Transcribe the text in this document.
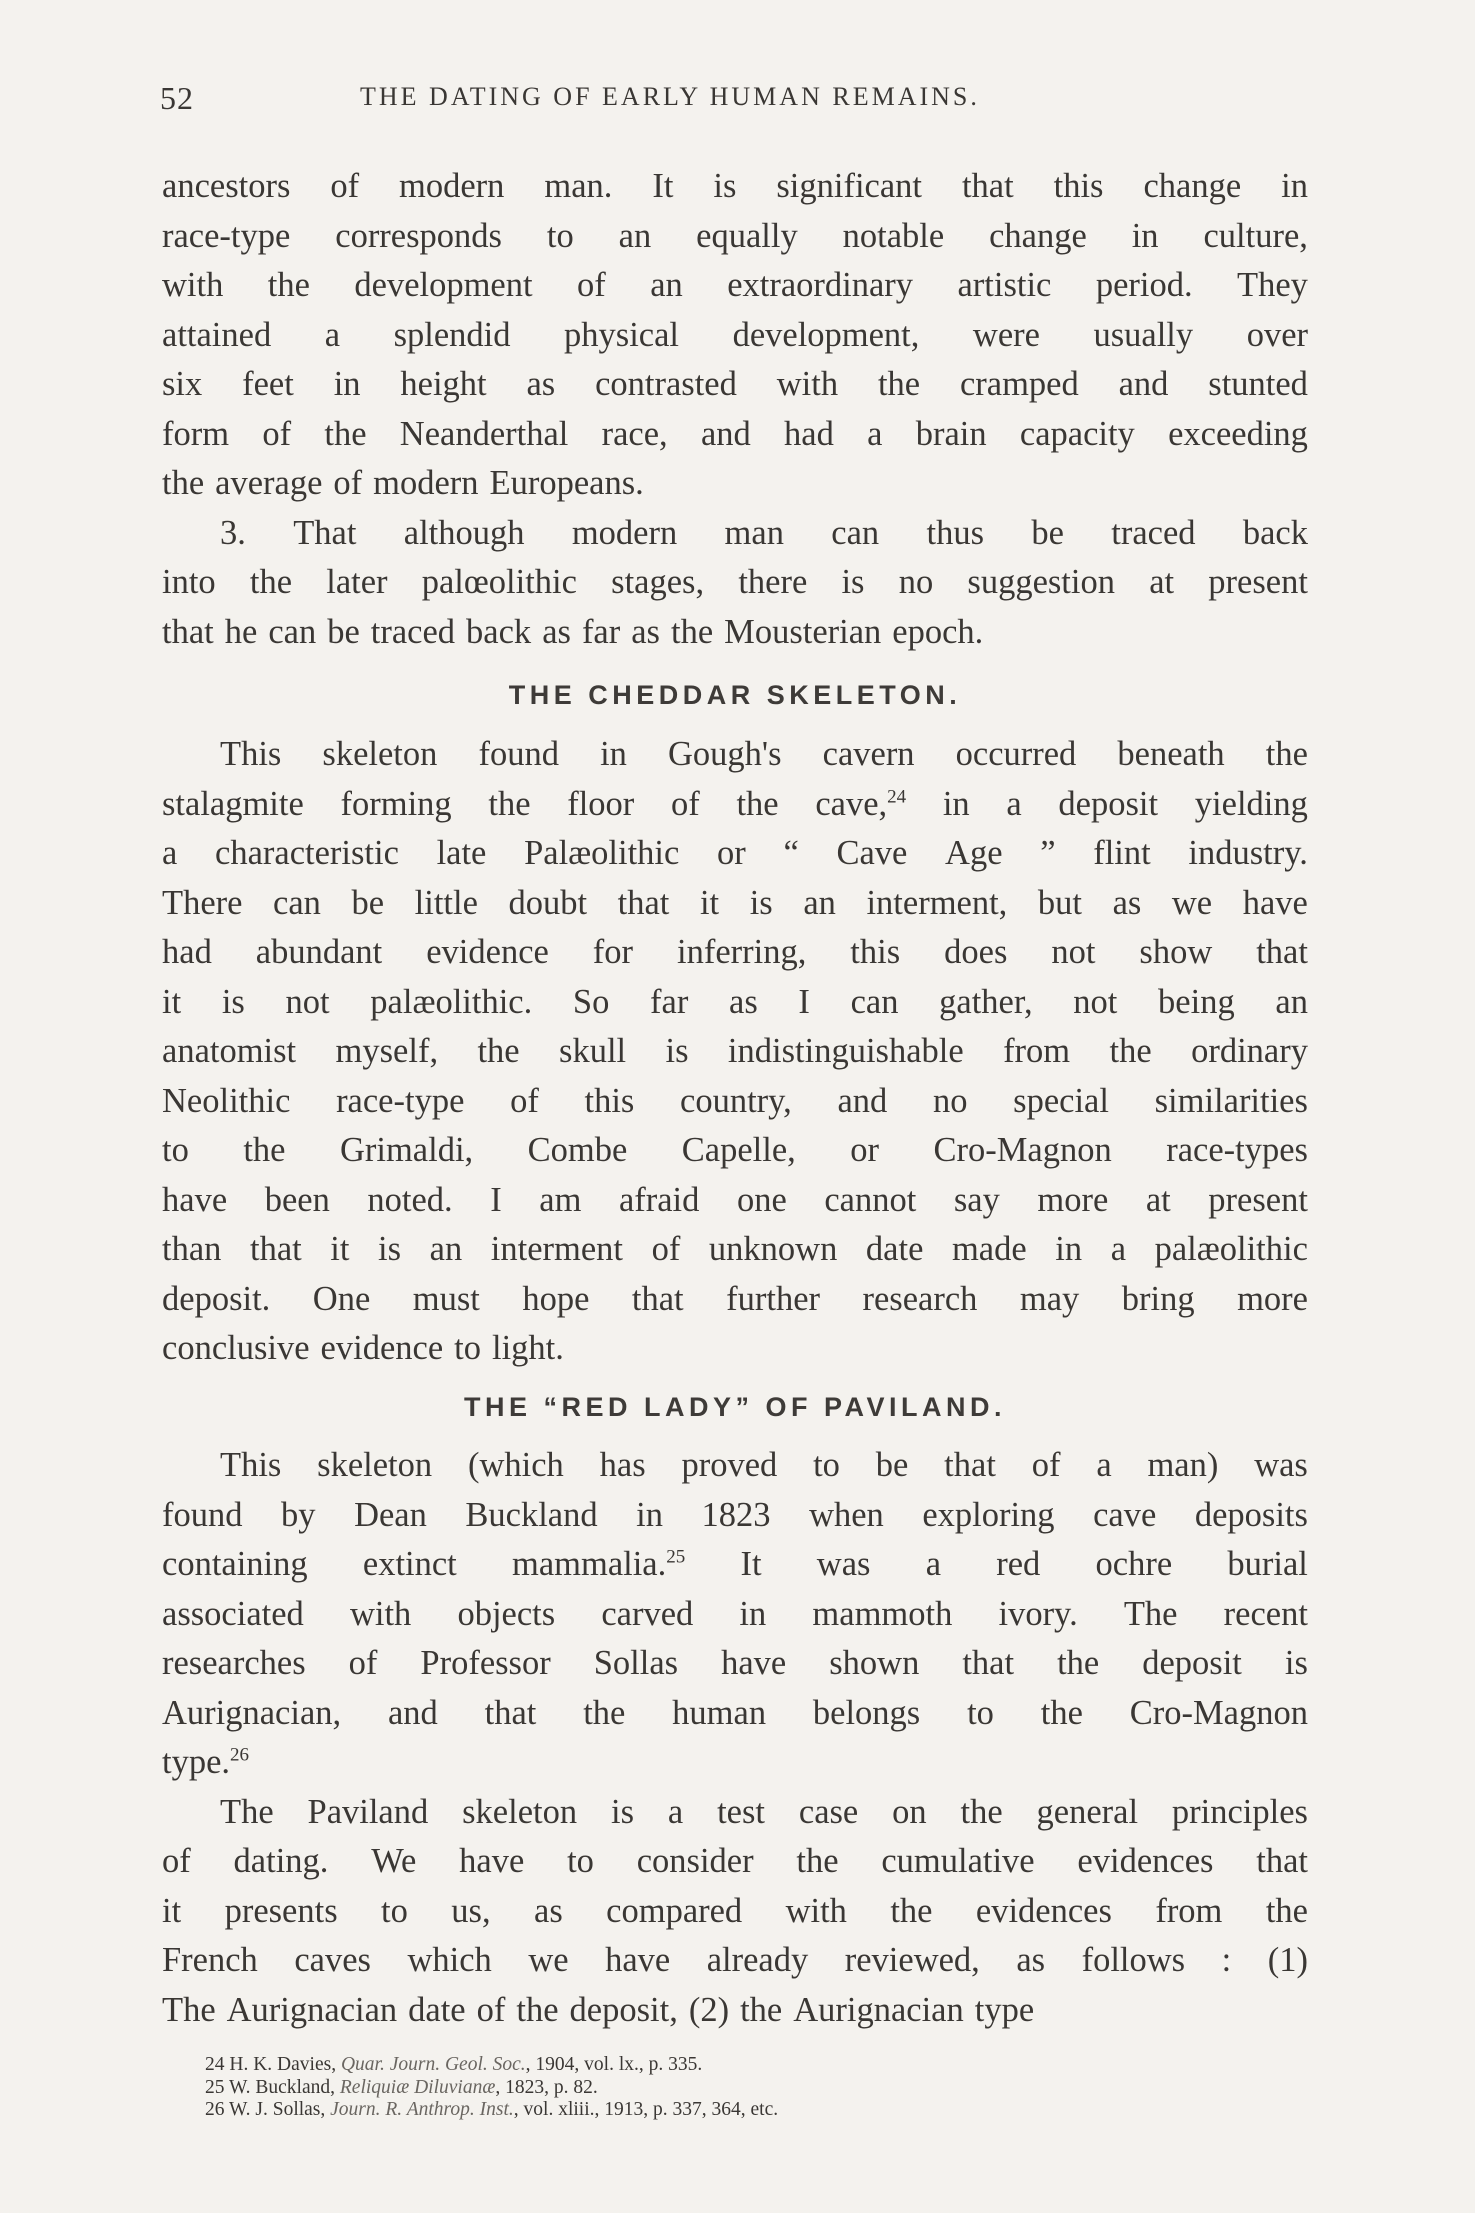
52	THE DATING OF EARLY HUMAN REMAINS.
ancestors of modern man. It is significant that this change in
race-type corresponds to an equally notable change in culture,
with the development of an extraordinary artistic period. They
attained a splendid physical development, were usually over
six feet in height as contrasted with the cramped and stunted
form of the Neanderthal race, and had a brain capacity exceeding
the average of modern Europeans.
3. That although modern man can thus be traced back
into the later palœolithic stages, there is no suggestion at present
that he can be traced back as far as the Mousterian epoch.
THE CHEDDAR SKELETON.
This skeleton found in Gough's cavern occurred beneath the
stalagmite forming the floor of the cave,$^{24}$ in a deposit yielding
a characteristic late Palæolithic or “ Cave Age ” flint industry.
There can be little doubt that it is an interment, but as we have
had abundant evidence for inferring, this does not show that
it is not palæolithic. So far as I can gather, not being an
anatomist myself, the skull is indistinguishable from the ordinary
Neolithic race-type of this country, and no special similarities
to the Grimaldi, Combe Capelle, or Cro-Magnon race-types
have been noted. I am afraid one cannot say more at present
than that it is an interment of unknown date made in a palæolithic
deposit. One must hope that further research may bring more
conclusive evidence to light.
THE “RED LADY” OF PAVILAND.
This skeleton (which has proved to be that of a man) was
found by Dean Buckland in 1823 when exploring cave deposits
containing extinct mammalia.$^{25}$ It was a red ochre burial
associated with objects carved in mammoth ivory. The recent
researches of Professor Sollas have shown that the deposit is
Aurignacian, and that the human belongs to the Cro-Magnon
type.$^{26}$
The Paviland skeleton is a test case on the general principles
of dating. We have to consider the cumulative evidences that
it presents to us, as compared with the evidences from the
French caves which we have already reviewed, as follows : (1)
The Aurignacian date of the deposit, (2) the Aurignacian type
24 H. K. Davies, Quar. Journ. Geol. Soc., 1904, vol. lx., p. 335.
25 W. Buckland, Reliquiæ Diluvianæ, 1823, p. 82.
26 W. J. Sollas, Journ. R. Anthrop. Inst., vol. xliii., 1913, p. 337, 364, etc.
